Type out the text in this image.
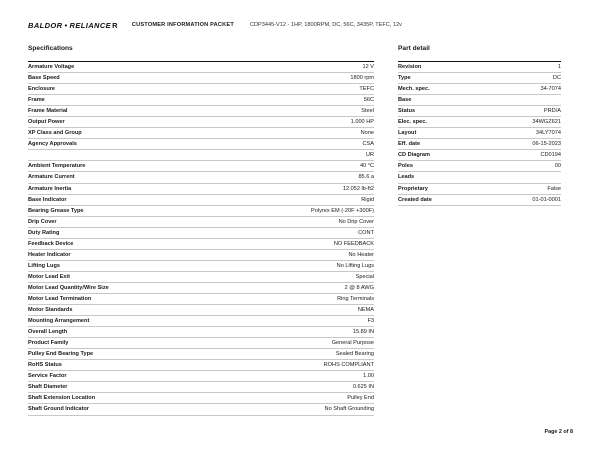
BALDOR • RELIANCE R	CUSTOMER INFORMATION PACKET	CDP3445-V12 - 1HP, 1800RPM, DC, 56C, 3435P, TEFC, 12v
Specifications	Part detail
Armature Voltage	12 V
Base Speed	1800 rpm
Enclosure	TEFC
Frame	56C
Frame Material	Steel
Output Power	1.000 HP
XP Class and Group	None
Agency Approvals	CSA
UR
Ambient Temperature	40 °C
Armature Current	85.6 a
Armature Inertia	12.052 lb-ft2
Base Indicator	Rigid
Bearing Grease Type	Polyrex EM (-20F +300F)
Drip Cover	No Drip Cover
Duty Rating	CONT
Feedback Device	NO FEEDBACK
Heater Indicator	No Heater
Lifting Lugs	No Lifting Lugs
Motor Lead Exit	Special
Motor Lead Quantity/Wire Size	2 @ 8 AWG
Motor Lead Termination	Ring Terminals
Motor Standards	NEMA
Mounting Arrangement	F3
Overall Length	15.89 IN
Product Family	General Purpose
Pulley End Bearing Type	Sealed Bearing
RoHS Status	ROHS COMPLIANT
Service Factor	1.00
Shaft Diameter	0.625 IN
Shaft Extension Location	Pulley End
Shaft Ground Indicator	No Shaft Grounding
Revision	1
Type	DC
Mech. spec.	34-7074
Base
Status	PRD/A
Elec. spec.	34WGZ621
Layout	34LY7074
Eff. date	06-15-2023
CD Diagram	CD0194
Poles	00
Leads
Proprietary	False
Created date	01-01-0001
Page 2 of 8
